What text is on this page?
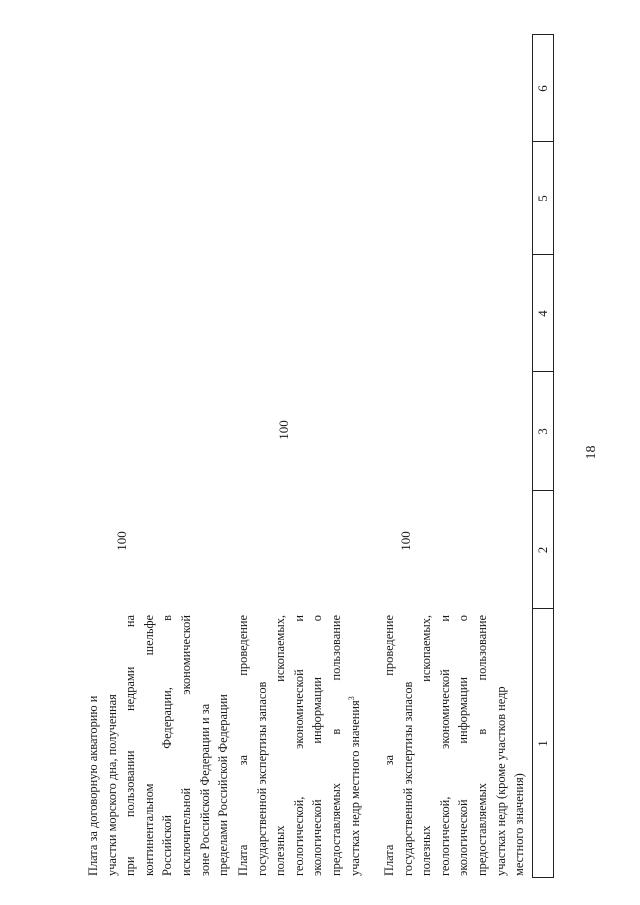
18
1
2
3
4
5
6
Плата за проведение государственной экспертизы запасов полезных ископаемых, геологической, экономической и экологической информации о предоставляемых в пользование участках недр (кроме участков недр местного значения)
100
Плата за проведение государственной экспертизы запасов полезных ископаемых, геологической, экономической и экологической информации о предоставляемых в пользование участках недр местного значения$^3$
100
Плата за договорную акваторию и участки морского дна, полученная при пользовании недрами на континентальном шельфе Российской Федерации, в исключительной экономической зоне Российской Федерации и за пределами Российской Федерации
100
